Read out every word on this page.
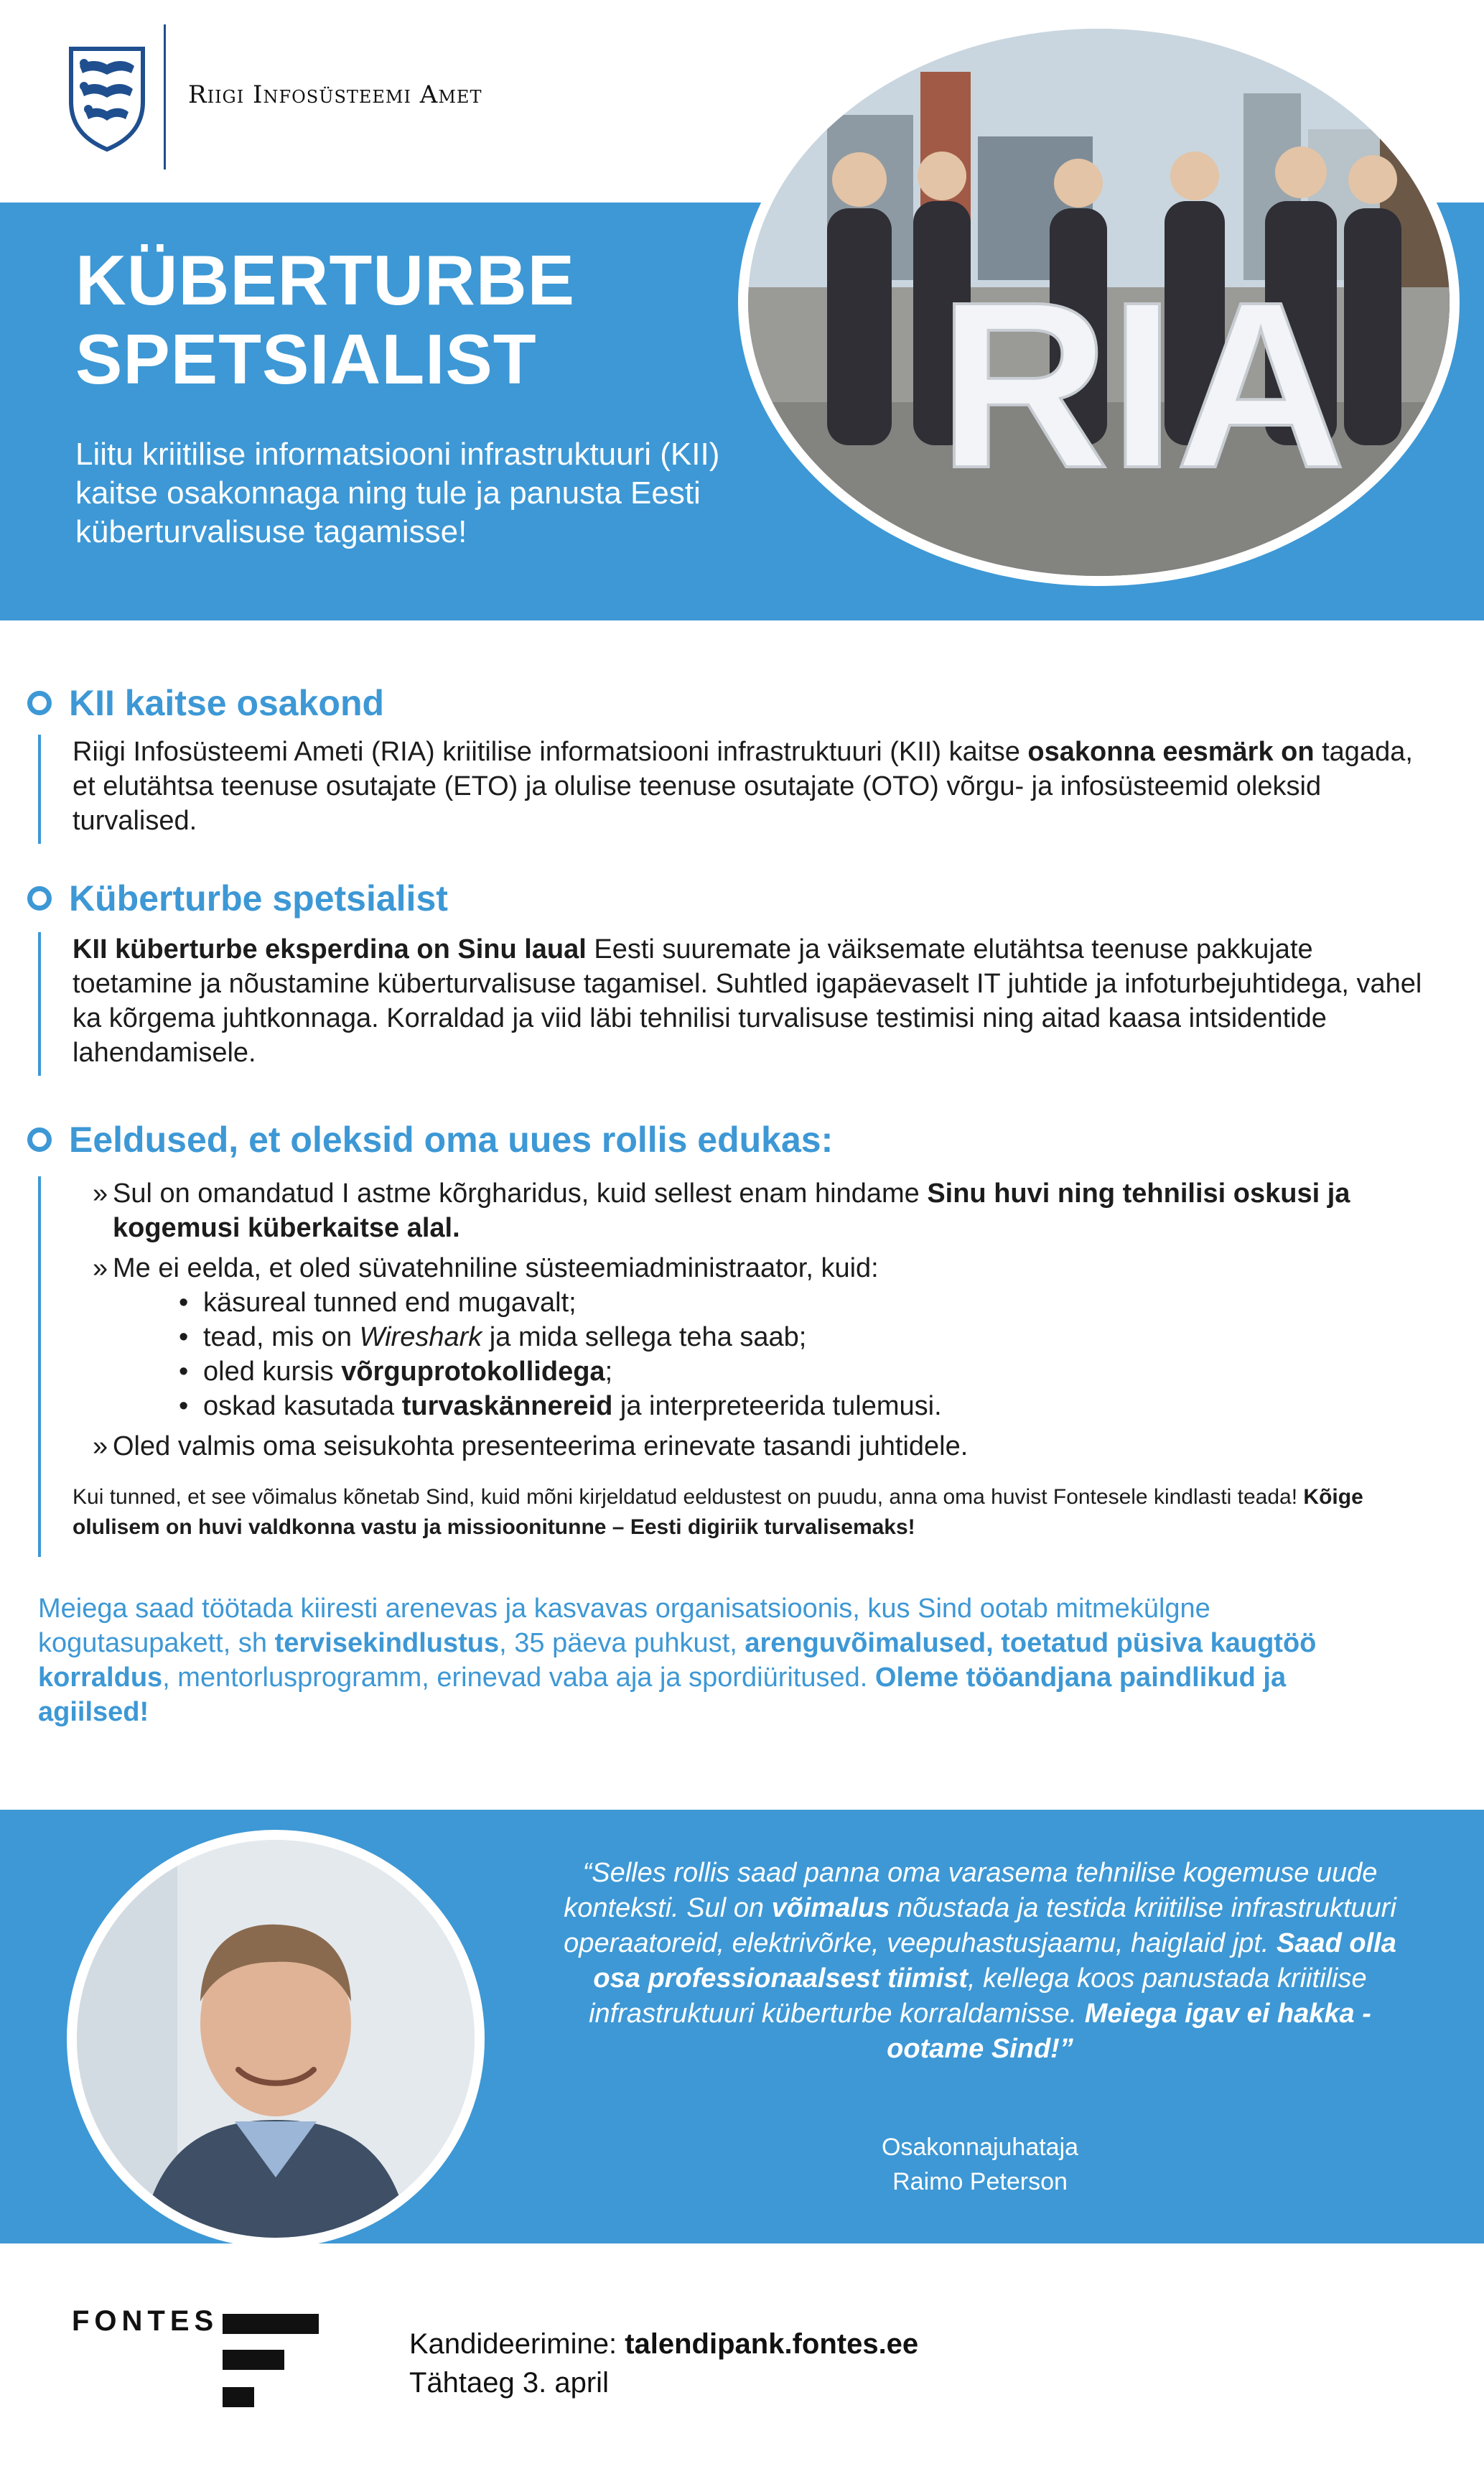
Riigi Infosüsteemi Amet
KÜBERTURBE
SPETSIALIST

Liitu kriitilise informatsiooni infrastruktuuri (KII) kaitse osakonnaga ning tule ja panusta Eesti küberturvalisuse tagamisse!

RIA
KII kaitse osakond
Riigi Infosüsteemi Ameti (RIA) kriitilise informatsiooni infrastruktuuri (KII) kaitse osakonna eesmärk on tagada, et elutähtsa teenuse osutajate (ETO) ja olulise teenuse osutajate (OTO) võrgu- ja infosüsteemid oleksid turvalised.
Küberturbe spetsialist
KII küberturbe eksperdina on Sinu laual Eesti suuremate ja väiksemate elutähtsa teenuse pakkujate toetamine ja nõustamine küberturvalisuse tagamisel. Suhtled igapäevaselt IT juhtide ja infoturbejuhtidega, vahel ka kõrgema juhtkonnaga. Korraldad ja viid läbi tehnilisi turvalisuse testimisi ning aitad kaasa intsidentide lahendamisele.
Eeldused, et oleksid oma uues rollis edukas:

» Sul on omandatud I astme kõrgharidus, kuid sellest enam hindame Sinu huvi ning tehnilisi oskusi ja kogemusi küberkaitse alal.

» Me ei eelda, et oled süvatehniline süsteemiadministraator, kuid:

• käsureal tunned end mugavalt;

• tead, mis on Wireshark ja mida sellega teha saab;

• oled kursis võrguprotokollidega;

• oskad kasutada turvaskännereid ja interpreteerida tulemusi.

» Oled valmis oma seisukohta presenteerima erinevate tasandi juhtidele.

Kui tunned, et see võimalus kõnetab Sind, kuid mõni kirjeldatud eeldustest on puudu, anna oma huvist Fontesele kindlasti teada! Kõige olulisem on huvi valdkonna vastu ja missioonitunne – Eesti digiriik turvalisemaks!
Meiega saad töötada kiiresti arenevas ja kasvavas organisatsioonis, kus Sind ootab mitmekülgne kogutasupakett, sh tervisekindlustus, 35 päeva puhkust, arenguvõimalused, toetatud püsiva kaugtöö korraldus, mentorlusprogramm, erinevad vaba aja ja spordiüritused. Oleme tööandjana paindlikud ja agiilsed!
“Selles rollis saad panna oma varasema tehnilise kogemuse uude konteksti. Sul on võimalus nõustada ja testida kriitilise infrastruktuuri operaatoreid, elektrivõrke, veepuhastusjaamu, haiglaid jpt. Saad olla osa professionaalsest tiimist, kellega koos panustada kriitilise infrastruktuuri küberturbe korraldamisse. Meiega igav ei hakka - ootame Sind!”
Osakonnajuhataja
Raimo Peterson
FONTES
Kandideerimine: talendipank.fontes.ee
Tähtaeg 3. april
